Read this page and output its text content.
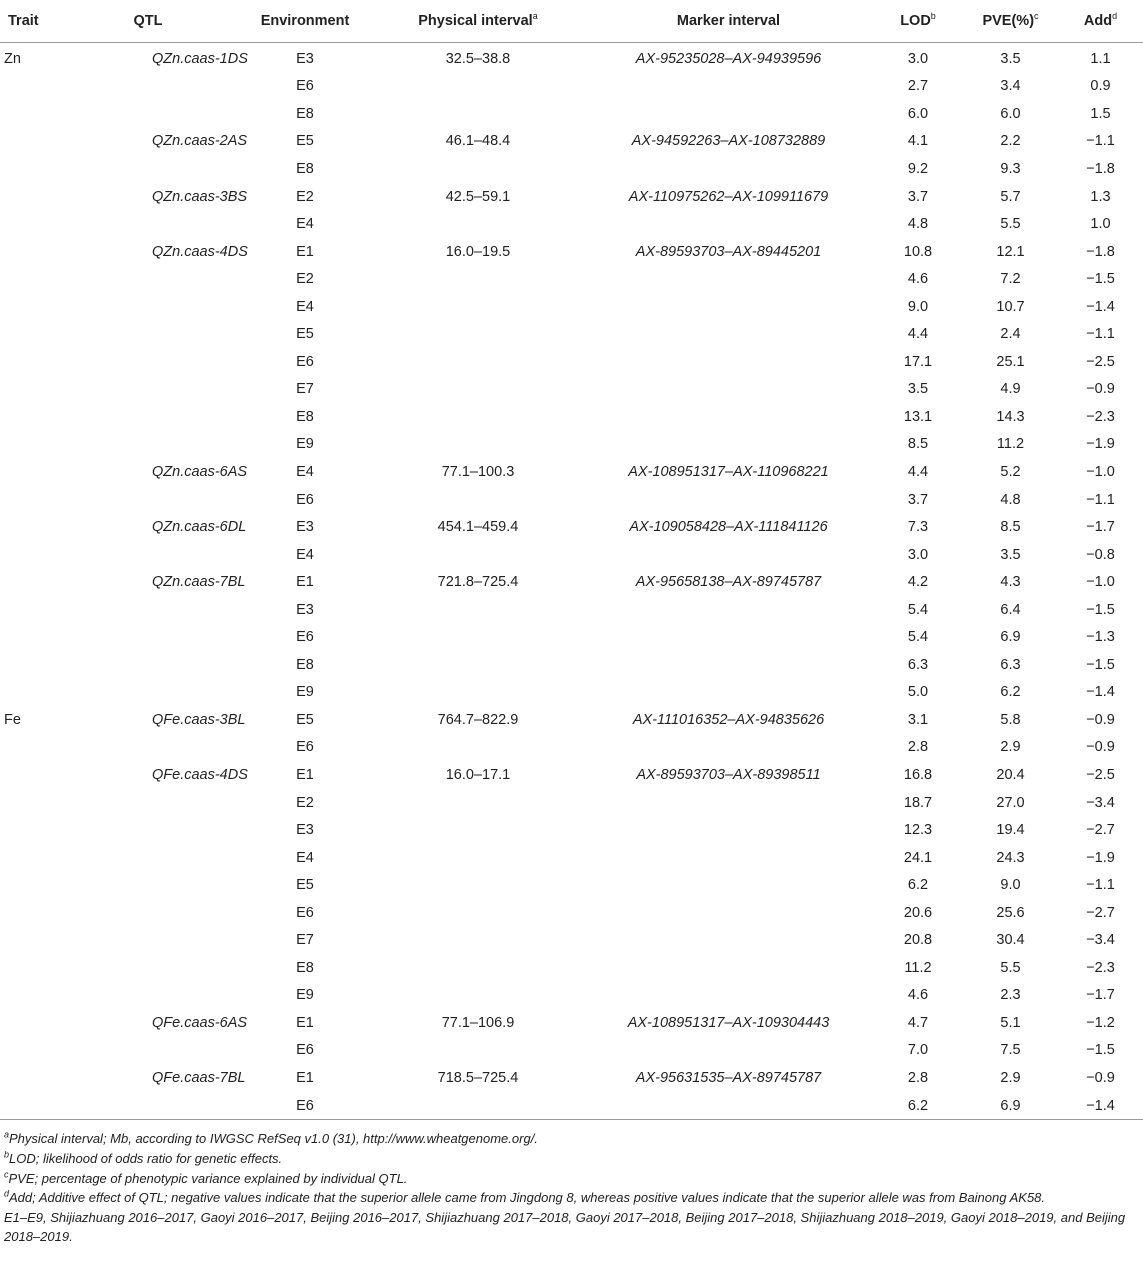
Trait	QTL	Environment	Physical interval$^a$	Marker interval	LOD$^b$	PVE(%)$^c$	Add$^d$
Zn	QZn.caas-1DS	E3	32.5–38.8	AX-95235028–AX-94939596	3.0	3.5	1.1
		E6			2.7	3.4	0.9
		E8			6.0	6.0	1.5
	QZn.caas-2AS	E5	46.1–48.4	AX-94592263–AX-108732889	4.1	2.2	−1.1
		E8			9.2	9.3	−1.8
	QZn.caas-3BS	E2	42.5–59.1	AX-110975262–AX-109911679	3.7	5.7	1.3
		E4			4.8	5.5	1.0
	QZn.caas-4DS	E1	16.0–19.5	AX-89593703–AX-89445201	10.8	12.1	−1.8
		E2			4.6	7.2	−1.5
		E4			9.0	10.7	−1.4
		E5			4.4	2.4	−1.1
		E6			17.1	25.1	−2.5
		E7			3.5	4.9	−0.9
		E8			13.1	14.3	−2.3
		E9			8.5	11.2	−1.9
	QZn.caas-6AS	E4	77.1–100.3	AX-108951317–AX-110968221	4.4	5.2	−1.0
		E6			3.7	4.8	−1.1
	QZn.caas-6DL	E3	454.1–459.4	AX-109058428–AX-111841126	7.3	8.5	−1.7
		E4			3.0	3.5	−0.8
	QZn.caas-7BL	E1	721.8–725.4	AX-95658138–AX-89745787	4.2	4.3	−1.0
		E3			5.4	6.4	−1.5
		E6			5.4	6.9	−1.3
		E8			6.3	6.3	−1.5
		E9			5.0	6.2	−1.4
Fe	QFe.caas-3BL	E5	764.7–822.9	AX-111016352–AX-94835626	3.1	5.8	−0.9
		E6			2.8	2.9	−0.9
	QFe.caas-4DS	E1	16.0–17.1	AX-89593703–AX-89398511	16.8	20.4	−2.5
		E2			18.7	27.0	−3.4
		E3			12.3	19.4	−2.7
		E4			24.1	24.3	−1.9
		E5			6.2	9.0	−1.1
		E6			20.6	25.6	−2.7
		E7			20.8	30.4	−3.4
		E8			11.2	5.5	−2.3
		E9			4.6	2.3	−1.7
	QFe.caas-6AS	E1	77.1–106.9	AX-108951317–AX-109304443	4.7	5.1	−1.2
		E6			7.0	7.5	−1.5
	QFe.caas-7BL	E1	718.5–725.4	AX-95631535–AX-89745787	2.8	2.9	−0.9
		E6			6.2	6.9	−1.4

$^a$Physical interval; Mb, according to IWGSC RefSeq v1.0 (31), http://www.wheatgenome.org/.

$^b$LOD; likelihood of odds ratio for genetic effects.

$^c$PVE; percentage of phenotypic variance explained by individual QTL.

$^d$Add; Additive effect of QTL; negative values indicate that the superior allele came from Jingdong 8, whereas positive values indicate that the superior allele was from Bainong AK58.

E1–E9, Shijiazhuang 2016–2017, Gaoyi 2016–2017, Beijing 2016–2017, Shijiazhuang 2017–2018, Gaoyi 2017–2018, Beijing 2017–2018, Shijiazhuang 2018–2019, Gaoyi 2018–2019, and Beijing 2018–2019.
